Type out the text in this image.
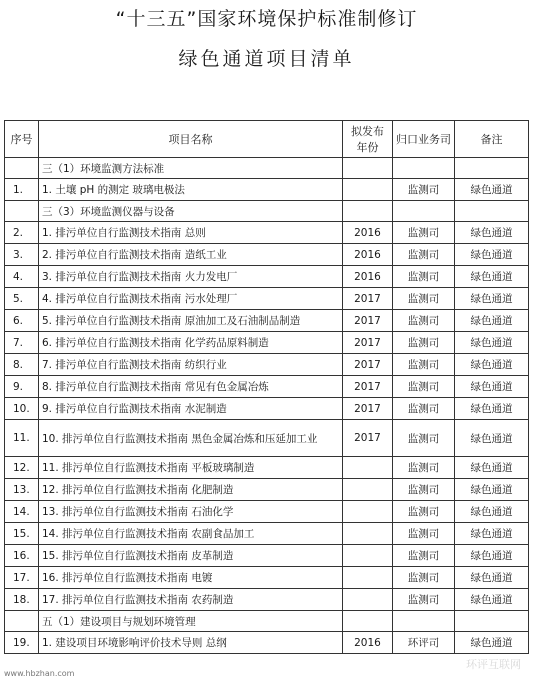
“十三五”国家环境保护标准制修订
绿色通道项目清单
序号	项目名称	拟发布年份	归口业务司	备注
	三（1）环境监测方法标准			
1.	1. 土壤 pH 的测定 玻璃电极法		监测司	绿色通道
	三（3）环境监测仪器与设备			
2.	1. 排污单位自行监测技术指南 总则	2016	监测司	绿色通道
3.	2. 排污单位自行监测技术指南 造纸工业	2016	监测司	绿色通道
4.	3. 排污单位自行监测技术指南 火力发电厂	2016	监测司	绿色通道
5.	4. 排污单位自行监测技术指南 污水处理厂	2017	监测司	绿色通道
6.	5. 排污单位自行监测技术指南 原油加工及石油制品制造	2017	监测司	绿色通道
7.	6. 排污单位自行监测技术指南 化学药品原料制造	2017	监测司	绿色通道
8.	7. 排污单位自行监测技术指南 纺织行业	2017	监测司	绿色通道
9.	8. 排污单位自行监测技术指南 常见有色金属冶炼	2017	监测司	绿色通道
10.	9. 排污单位自行监测技术指南 水泥制造	2017	监测司	绿色通道
11.	10. 排污单位自行监测技术指南 黑色金属冶炼和压延加工业	2017	监测司	绿色通道
12.	11. 排污单位自行监测技术指南 平板玻璃制造		监测司	绿色通道
13.	12. 排污单位自行监测技术指南 化肥制造		监测司	绿色通道
14.	13. 排污单位自行监测技术指南 石油化学		监测司	绿色通道
15.	14. 排污单位自行监测技术指南 农副食品加工		监测司	绿色通道
16.	15. 排污单位自行监测技术指南 皮革制造		监测司	绿色通道
17.	16. 排污单位自行监测技术指南 电镀		监测司	绿色通道
18.	17. 排污单位自行监测技术指南 农药制造		监测司	绿色通道
	五（1）建设项目与规划环境管理			
19.	1. 建设项目环境影响评价技术导则 总纲	2016	环评司	绿色通道
环评互联网
www.hbzhan.com
